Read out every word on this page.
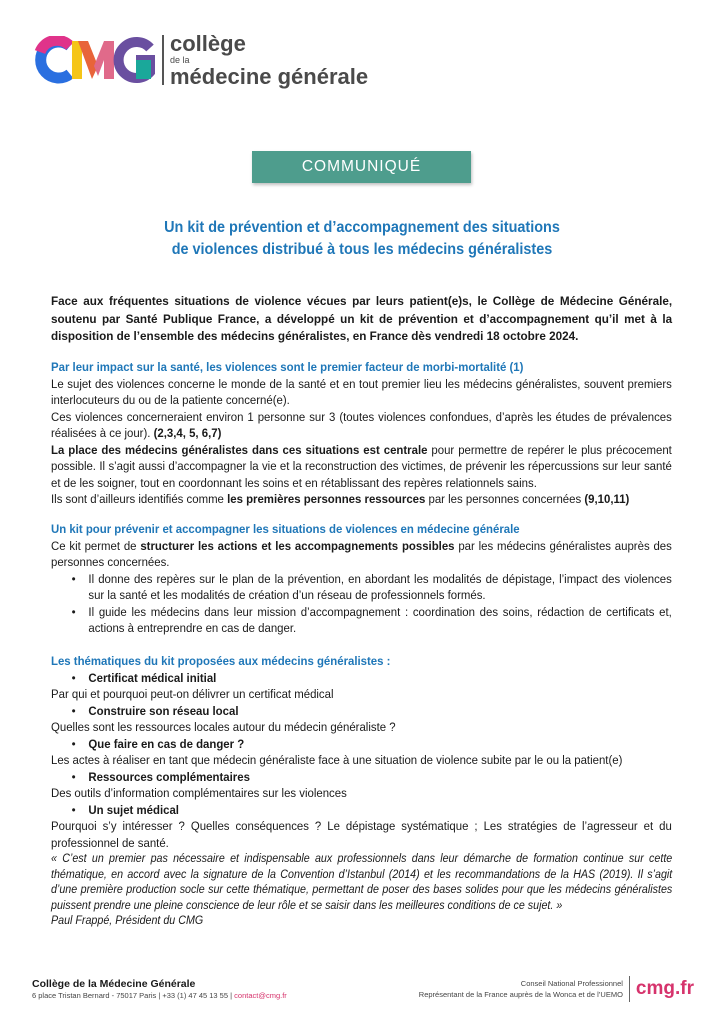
collège
de la
médecine générale
COMMUNIQUÉ
Un kit de prévention et d’accompagnement des situations
de violences distribué à tous les médecins généralistes
Face aux fréquentes situations de violence vécues par leurs patient(e)s, le Collège de Médecine Générale, soutenu par Santé Publique France, a développé un kit de prévention et d’accompagnement qu’il met à la disposition de l’ensemble des médecins généralistes, en France dès vendredi 18 octobre 2024.

Par leur impact sur la santé, les violences sont le premier facteur de morbi-mortalité (1)

Le sujet des violences concerne le monde de la santé et en tout premier lieu les médecins généralistes, souvent premiers interlocuteurs du ou de la patiente concerné(e).

Ces violences concerneraient environ 1 personne sur 3 (toutes violences confondues, d’après les études de prévalences réalisées à ce jour). (2,3,4, 5, 6,7)

La place des médecins généralistes dans ces situations est centrale pour permettre de repérer le plus précocement possible. Il s’agit aussi d’accompagner la vie et la reconstruction des victimes, de prévenir les répercussions sur leur santé et de les soigner, tout en coordonnant les soins et en rétablissant des repères relationnels sains.

Ils sont d’ailleurs identifiés comme les premières personnes ressources par les personnes concernées (9,10,11)

Un kit pour prévenir et accompagner les situations de violences en médecine générale

Ce kit permet de structurer les actions et les accompagnements possibles par les médecins généralistes auprès des personnes concernées.

• Il donne des repères sur le plan de la prévention, en abordant les modalités de dépistage, l’impact des violences sur la santé et les modalités de création d’un réseau de professionnels formés.
• Il guide les médecins dans leur mission d’accompagnement : coordination des soins, rédaction de certificats et, actions à entreprendre en cas de danger.

Les thématiques du kit proposées aux médecins généralistes :

• Certificat médical initial

Par qui et pourquoi peut-on délivrer un certificat médical

• Construire son réseau local

Quelles sont les ressources locales autour du médecin généraliste ?

• Que faire en cas de danger ?

Les actes à réaliser en tant que médecin généraliste face à une situation de violence subite par le ou la patient(e)

• Ressources complémentaires

Des outils d’information complémentaires sur les violences

• Un sujet médical

Pourquoi s’y intéresser ? Quelles conséquences ? Le dépistage systématique ; Les stratégies de l’agresseur et du professionnel de santé.

« C’est un premier pas nécessaire et indispensable aux professionnels dans leur démarche de formation continue sur cette thématique, en accord avec la signature de la Convention d’Istanbul (2014) et les recommandations de la HAS (2019). Il s’agit d’une première production socle sur cette thématique, permettant de poser des bases solides pour que les médecins généralistes puissent prendre une pleine conscience de leur rôle et se saisir dans les meilleures conditions de ce sujet. »

Paul Frappé, Président du CMG

Collège de la Médecine Générale
6 place Tristan Bernard - 75017 Paris | +33 (1) 47 45 13 55 | contact@cmg.fr
Conseil National Professionnel
Représentant de la France auprès de la Wonca et de l’UEMO cmg.fr
